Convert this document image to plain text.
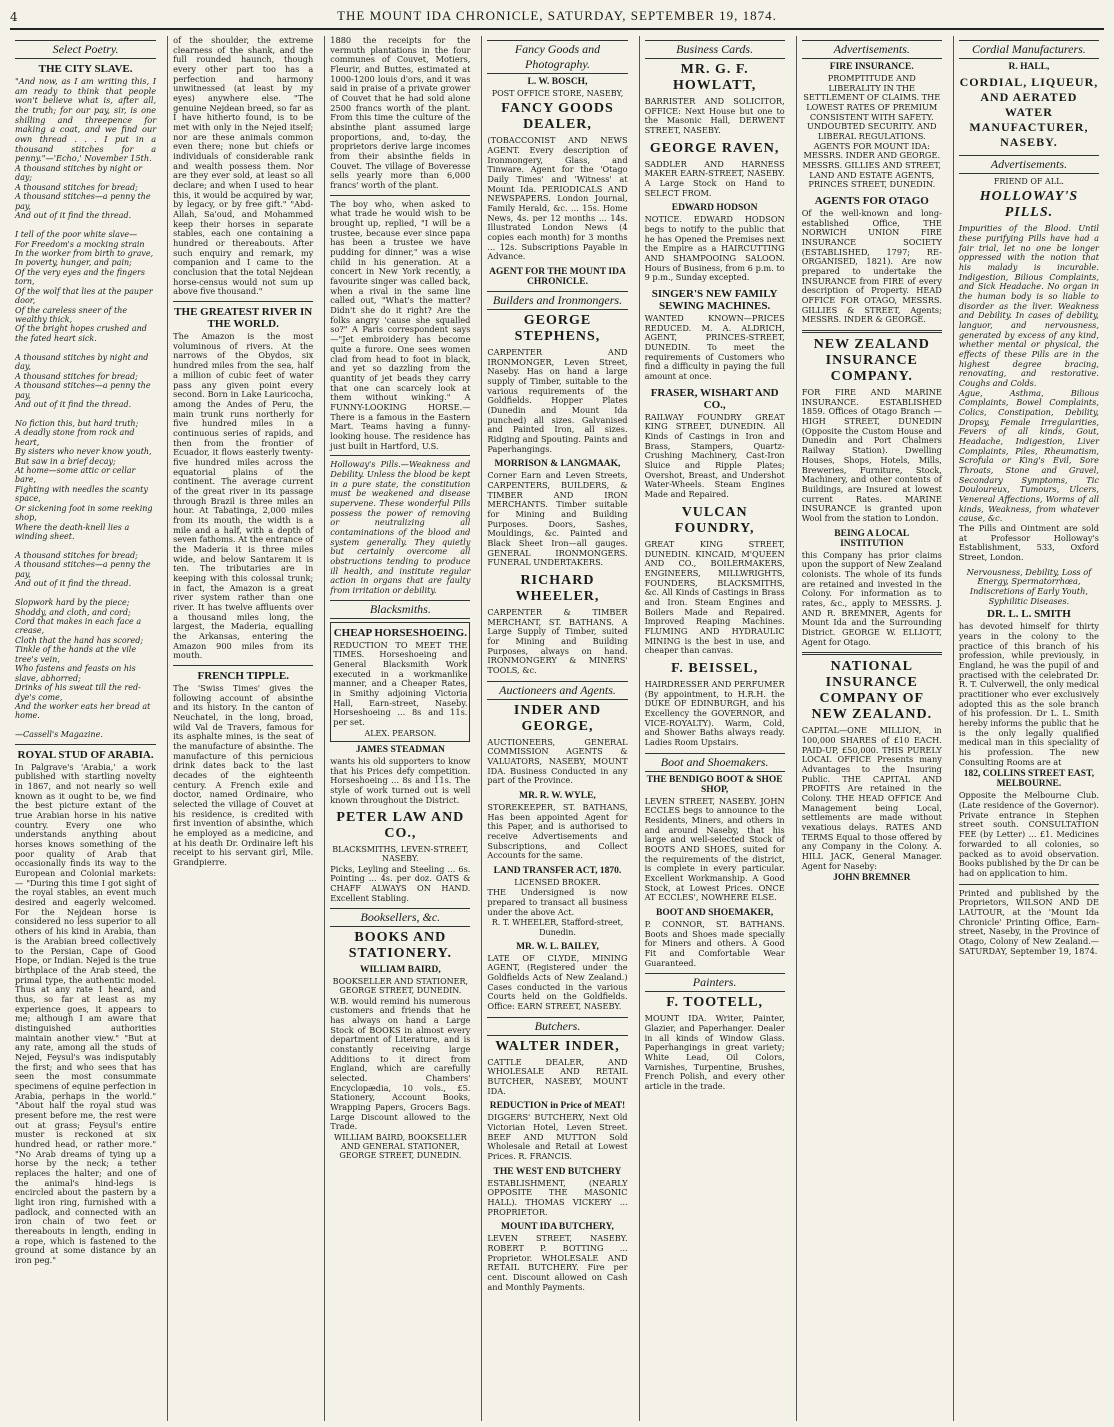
4	THE MOUNT IDA CHRONICLE, SATURDAY, SEPTEMBER 19, 1874.
Select Poetry.
THE CITY SLAVE.

"And now, as I am writing this, I am ready to think that people won't believe what is, after all, the truth; for our pay, sir, is one shilling and threepence for making a coat, and we find our own thread . . . I put in a thousand stitches for a penny."—'Echo,' November 15th.

A thousand stitches by night or day;
A thousand stitches for bread;
A thousand stitches—a penny the pay,
And out of it find the thread.

I tell of the poor white slave—
For Freedom's a mocking strain
In the worker from birth to grave,
In poverty, hunger, and pain;
Of the very eyes and the fingers torn,
Of the wolf that lies at the pauper door,
Of the careless sneer of the wealthy thick,
Of the bright hopes crushed and the fated heart sick.

A thousand stitches by night and day,
A thousand stitches for bread;
A thousand stitches—a penny the pay,
And out of it find the thread.

No fiction this, but hard truth;
A deadly stone from rock and heart,
By sisters who never know youth,
But saw in a brief decay;
At home—some attic or cellar bare,
Fighting with needles the scanty space,
Or sickening foot in some reeking shop,
Where the death-knell lies a winding sheet.

A thousand stitches for bread;
A thousand stitches—a penny the pay,
And out of it find the thread.

Slopwork hard by the piece;
Shoddy, and cloth, and cord;
Cord that makes in each face a crease,
Cloth that the hand has scored;
Tinkle of the hands at the vile tree's vein,
Who fastens and feasts on his slave, abhorred;
Drinks of his sweat till the red-dye's come,
And the worker eats her bread at home.

—Cassell's Magazine.

ROYAL STUD OF ARABIA.

In Palgrave's 'Arabia,' a work published with startling novelty in 1867, and not nearly so well known as it ought to be, we find the best picture extant of the true Arabian horse in his native country. Every one who understands anything about horses knows something of the poor quality of Arab that occasionally finds its way to the European and Colonial markets:— "During this time I got sight of the royal stables, an event much desired and eagerly welcomed. For the Nejdean horse is considered no less superior to all others of his kind in Arabia, than is the Arabian breed collectively to the Persian, Cape of Good Hope, or Indian. Nejed is the true birthplace of the Arab steed, the primal type, the authentic model. Thus at any rate I heard, and thus, so far at least as my experience goes, it appears to me; although I am aware that distinguished authorities maintain another view." "But at any rate, among all the studs of Nejed, Feysul's was indisputably the first; and who sees that has seen the most consummate specimens of equine perfection in Arabia, perhaps in the world." "About half the royal stud was present before me, the rest were out at grass; Feysul's entire muster is reckoned at six hundred head, or rather more." "No Arab dreams of tying up a horse by the neck; a tether replaces the halter; and one of the animal's hind-legs is encircled about the pastern by a light iron ring, furnished with a padlock, and connected with an iron chain of two feet or thereabouts in length, ending in a rope, which is fastened to the ground at some distance by an iron peg."

of the shoulder, the extreme clearness of the shank, and the full rounded haunch, though every other part too has a perfection and harmony unwitnessed (at least by my eyes) anywhere else. "The genuine Nejdean breed, so far as I have hitherto found, is to be met with only in the Nejed itself; nor are these animals common even there; none but chiefs or individuals of considerable rank and wealth possess them. Nor are they ever sold, at least so all declare; and when I used to hear this, it would be acquired by war, by legacy, or by free gift." "Abd-Allah, Sa'oud, and Mohammed keep their horses in separate stables, each one containing a hundred or thereabouts. After such enquiry and remark, my companion and I came to the conclusion that the total Nejdean horse-census would not sum up above five thousand."

THE GREATEST RIVER IN THE WORLD.

The Amazon is the most voluminous of rivers. At the narrows of the Obydos, six hundred miles from the sea, half a million of cubic feet of water pass any given point every second. Born in Lake Lauricocha, among the Andes of Peru, the main trunk runs northerly for five hundred miles in a continuous series of rapids, and then from the frontier of Ecuador, it flows easterly twenty-five hundred miles across the equatorial plains of the continent. The average current of the great river in its passage through Brazil is three miles an hour. At Tabatinga, 2,000 miles from its mouth, the width is a mile and a half, with a depth of seven fathoms. At the entrance of the Maderia it is three miles wide, and below Santarem it is ten. The tributaries are in keeping with this colossal trunk; in fact, the Amazon is a great river system rather than one river. It has twelve affluents over a thousand miles long, the largest, the Maderia, equalling the Arkansas, entering the Amazon 900 miles from its mouth.

FRENCH TIPPLE.

The 'Swiss Times' gives the following account of absinthe and its history. In the canton of Neuchatel, in the long, broad, wild Val de Travers, famous for its asphalte mines, is the seat of the manufacture of absinthe. The manufacture of this pernicious drink dates back to the last decades of the eighteenth century. A French exile and doctor, named Ordinaire, who selected the village of Couvet at his residence, is credited with first invention of absinthe, which he employed as a medicine, and at his death Dr. Ordinaire left his receipt to his servant girl, Mlle. Grandpierre.

1880 the receipts for the vermuth plantations in the four communes of Couvet, Motiers, Fleurir, and Buttes, estimated at 1000-1200 louis d'ors, and it was said in praise of a private grower of Couvet that he had sold alone 2500 francs worth of the plant. From this time the culture of the absinthe plant assumed large proportions, and, to-day, the proprietors derive large incomes from their absinthe fields in Couvet. The village of Boveresse sells yearly more than 6,000 francs' worth of the plant.

The boy who, when asked to what trade he would wish to be brought up, replied, "I will be a trustee, because ever since papa has been a trustee we have pudding for dinner," was a wise child in his generation. At a concert in New York recently, a favourite singer was called back, when a rival in the same line called out, "What's the matter? Didn't she do it right? Are the folks angry 'cause she squalled so?" A Paris correspondent says—"Jet embroidery has become quite a furore. One sees women clad from head to foot in black, and yet so dazzling from the quantity of jet beads they carry that one can scarcely look at them without winking." A FUNNY-LOOKING HORSE.—There is a famous in the Eastern Mart. Teams having a funny-looking house. The residence has just built in Hartford, U.S.

Holloway's Pills.—Weakness and Debility. Unless the blood be kept in a pure state, the constitution must be weakened and disease supervene. These wonderful Pills possess the power of removing or neutralizing all contaminations of the blood and system generally. They quietly but certainly overcome all obstructions tending to produce ill health, and institute regular action in organs that are faulty from irritation or debility.

Blacksmiths.
CHEAP HORSESHOEING.

REDUCTION TO MEET THE TIMES. Horseshoeing and General Blacksmith Work executed in a workmanlike manner, and a Cheaper Rates, in Smithy adjoining Victoria Hall, Earn-street, Naseby. Horseshoeing ... 8s and 11s. per set.

ALEX. PEARSON.
JAMES STEADMAN

wants his old supporters to know that his Prices defy competition. Horseshoeing ... 8s and 11s. The style of work turned out is well known throughout the District.

PETER LAW AND CO.,
BLACKSMITHS, LEVEN-STREET, NASEBY.

Picks, Leyling and Steeling ... 6s. Pointing ... 4s. per doz. OATS & CHAFF ALWAYS ON HAND. Excellent Stabling.

Booksellers, &c.
BOOKS AND STATIONERY.
WILLIAM BAIRD,
BOOKSELLER AND STATIONER, GEORGE STREET, DUNEDIN.

W.B. would remind his numerous customers and friends that he has always on hand a Large Stock of BOOKS in almost every department of Literature, and is constantly receiving large Additions to it direct from England, which are carefully selected. Chambers' Encyclopædia, 10 vols., £5. Stationery, Account Books, Wrapping Papers, Grocers Bags. Large Discount allowed to the Trade.

WILLIAM BAIRD, BOOKSELLER AND GENERAL STATIONER, GEORGE STREET, DUNEDIN.
Fancy Goods and Photography.
L. W. BOSCH,
POST OFFICE STORE, NASEBY,
FANCY GOODS DEALER,

(TOBACCONIST AND NEWS AGENT. Every description of Ironmongery, Glass, and Tinware. Agent for the 'Otago Daily Times' and 'Witness' at Mount Ida. PERIODICALS AND NEWSPAPERS. London Journal, Family Herald, &c. ... 15s. Home News, 4s. per 12 months ... 14s. Illustrated London News (4 copies each month) for 3 months ... 12s. Subscriptions Payable in Advance.

AGENT FOR THE MOUNT IDA CHRONICLE.
Builders and Ironmongers.
GEORGE STEPHENS,

CARPENTER AND IRONMONGER, Leven Street, Naseby. Has on hand a large supply of Timber, suitable to the various requirements of the Goldfields. Hopper Plates (Dunedin and Mount Ida punched) all sizes. Galvanised and Painted Iron, all sizes. Ridging and Spouting. Paints and Paperhangings.

MORRISON & LANGMAAK,

Corner Earn and Leven Streets, CARPENTERS, BUILDERS, & TIMBER AND IRON MERCHANTS. Timber suitable for Mining and Building Purposes. Doors, Sashes, Mouldings, &c. Painted and Black Sheet Iron—all gauges. GENERAL IRONMONGERS. FUNERAL UNDERTAKERS.

RICHARD WHEELER,

CARPENTER & TIMBER MERCHANT, ST. BATHANS. A Large Supply of Timber, suited for Mining and Building Purposes, always on hand. IRONMONGERY & MINERS' TOOLS, &c.

Auctioneers and Agents.
INDER AND GEORGE,

AUCTIONEERS, GENERAL COMMISSION AGENTS & VALUATORS, NASEBY, MOUNT IDA. Business Conducted in any part of the Province.

MR. R. W. WYLE,

STOREKEEPER, ST. BATHANS, Has been appointed Agent for this Paper, and is authorised to receive Advertisements and Subscriptions, and Collect Accounts for the same.

LAND TRANSFER ACT, 1870.
LICENSED BROKER.

THE Undersigned is now prepared to transact all business under the above Act.

R. T. WHEELER, Stafford-street, Dunedin.
MR. W. L. BAILEY,

LATE OF CLYDE, MINING AGENT, (Registered under the Goldfields Acts of New Zealand.) Cases conducted in the various Courts held on the Goldfields. Office: EARN STREET, NASEBY.

Butchers.
WALTER INDER,

CATTLE DEALER, AND WHOLESALE AND RETAIL BUTCHER, NASEBY, MOUNT IDA.

REDUCTION in Price of MEAT!

DIGGERS' BUTCHERY, Next Old Victorian Hotel, Leven Street. BEEF AND MUTTON Sold Wholesale and Retail at Lowest Prices. R. FRANCIS.

THE WEST END BUTCHERY

ESTABLISHMENT, (NEARLY OPPOSITE THE MASONIC HALL). THOMAS VICKERY ... PROPRIETOR.

MOUNT IDA BUTCHERY,

LEVEN STREET, NASEBY. ROBERT P. BOTTING ... Proprietor. WHOLESALE AND RETAIL BUTCHERY. Fire per cent. Discount allowed on Cash and Monthly Payments.

Business Cards.
MR. G. F. HOWLATT,

BARRISTER AND SOLICITOR, OFFICE: Next House but one to the Masonic Hall, DERWENT STREET, NASEBY.

GEORGE RAVEN,

SADDLER AND HARNESS MAKER EARN-STREET, NASEBY. A Large Stock on Hand to SELECT FROM.

EDWARD HODSON

NOTICE. EDWARD HODSON begs to notify to the public that he has Opened the Premises next the Empire as a HAIRCUTTING AND SHAMPOOING SALOON. Hours of Business, from 6 p.m. to 9 p.m., Sunday excepted.

SINGER'S NEW FAMILY SEWING MACHINES.

WANTED KNOWN—PRICES REDUCED. M. A. ALDRICH, AGENT, PRINCES-STREET, DUNEDIN. To meet the requirements of Customers who find a difficulty in paying the full amount at once.

FRASER, WISHART AND CO.,

RAILWAY FOUNDRY GREAT KING STREET, DUNEDIN. All Kinds of Castings in Iron and Brass, Stampers, Quartz-Crushing Machinery, Cast-Iron Sluice and Ripple Plates; Overshot, Breast, and Undershot Water-Wheels. Steam Engines Made and Repaired.

VULCAN FOUNDRY,

GREAT KING STREET, DUNEDIN. KINCAID, M'QUEEN AND CO., BOILERMAKERS, ENGINEERS, MILLWRIGHTS, FOUNDERS, BLACKSMITHS, &c. All Kinds of Castings in Brass and Iron. Steam Engines and Boilers Made and Repaired. Improved Reaping Machines. FLUMING AND HYDRAULIC MINING is the best in use, and cheaper than canvas.

F. BEISSEL,

HAIRDRESSER AND PERFUMER (By appointment, to H.R.H. the DUKE OF EDINBURGH, and his Excellency the GOVERNOR, and VICE-ROYALTY). Warm, Cold, and Shower Baths always ready. Ladies Room Upstairs.

Boot and Shoemakers.
THE BENDIGO BOOT & SHOE SHOP,

LEVEN STREET, NASEBY. JOHN ECCLES begs to announce to the Residents, Miners, and others in and around Naseby, that his large and well-selected Stock of BOOTS AND SHOES, suited for the requirements of the district, is complete in every particular. Excellent Workmanship. A Good Stock, at Lowest Prices. ONCE AT ECCLES', NOWHERE ELSE.

BOOT AND SHOEMAKER,

P. CONNOR, ST. BATHANS. Boots and Shoes made specially for Miners and others. A Good Fit and Comfortable Wear Guaranteed.

Painters.
F. TOOTELL,

MOUNT IDA. Writer, Painter, Glazier, and Paperhanger. Dealer in all kinds of Window Glass. Paperhangings in great variety; White Lead, Oil Colors, Varnishes, Turpentine, Brushes, French Polish, and every other article in the trade.

Advertisements.
FIRE INSURANCE.

PROMPTITUDE AND LIBERALITY IN THE SETTLEMENT OF CLAIMS. THE LOWEST RATES OF PREMIUM CONSISTENT WITH SAFETY. UNDOUBTED SECURITY. AND LIBERAL REGULATIONS.

AGENTS FOR MOUNT IDA: MESSRS. INDER AND GEORGE. MESSRS. GILLIES AND STREET, LAND AND ESTATE AGENTS, PRINCES STREET, DUNEDIN.

AGENTS FOR OTAGO

Of the well-known and long-established Office, THE NORWICH UNION FIRE INSURANCE SOCIETY (ESTABLISHED, 1797; RE-ORGANISED, 1821). Are now prepared to undertake the INSURANCE from FIRE of every description of Property. HEAD OFFICE FOR OTAGO, MESSRS. GILLIES & STREET, Agents; MESSRS. INDER & GEORGE.

NEW ZEALAND INSURANCE COMPANY.

FOR FIRE AND MARINE INSURANCE. ESTABLISHED 1859. Offices of Otago Branch — HIGH STREET, DUNEDIN (Opposite the Custom House and Dunedin and Port Chalmers Railway Station). Dwelling Houses, Shops, Hotels, Mills, Breweries, Furniture, Stock, Machinery, and other contents of Buildings, are Insured at lowest current Rates. MARINE INSURANCE is granted upon Wool from the station to London.

BEING A LOCAL INSTITUTION

this Company has prior claims upon the support of New Zealand colonists. The whole of its funds are retained and invested in the Colony. For information as to rates, &c., apply to MESSRS. J. AND R. BREMNER, Agents for Mount Ida and the Surrounding District. GEORGE W. ELLIOTT, Agent for Otago.

NATIONAL INSURANCE COMPANY OF NEW ZEALAND.

CAPITAL—ONE MILLION, in 100,000 SHARES of £10 EACH. PAID-UP, £50,000. THIS PURELY LOCAL OFFICE Presents many Advantages to the Insuring Public. THE CAPITAL AND PROFITS Are retained in the Colony. THE HEAD OFFICE And Management being Local, settlements are made without vexatious delays. RATES AND TERMS Equal to those offered by any Company in the Colony. A. HILL JACK, General Manager. Agent for Naseby:

JOHN BREMNER
Cordial Manufacturers.
R. HALL,
CORDIAL, LIQUEUR, AND AERATED WATER MANUFACTURER, NASEBY.
Advertisements.
FRIEND OF ALL.
HOLLOWAY'S PILLS.

Impurities of the Blood. Until these purifying Pills have had a fair trial, let no one be longer oppressed with the notion that his malady is incurable. Indigestion, Bilious Complaints, and Sick Headache. No organ in the human body is so liable to disorder as the liver. Weakness and Debility. In cases of debility, languor, and nervousness, generated by excess of any kind, whether mental or physical, the effects of these Pills are in the highest degree bracing, renovating, and restorative. Coughs and Colds.

Ague, Asthma, Bilious Complaints, Bowel Complaints, Colics, Constipation, Debility, Dropsy, Female Irregularities, Fevers of all kinds, Gout, Headache, Indigestion, Liver Complaints, Piles, Rheumatism, Scrofula or King's Evil, Sore Throats, Stone and Gravel, Secondary Symptoms, Tic Douloureux, Tumours, Ulcers, Venereal Affections, Worms of all kinds, Weakness, from whatever cause, &c.

The Pills and Ointment are sold at Professor Holloway's Establishment, 533, Oxford Street, London.

Nervousness, Debility, Loss of Energy, Spermatorrhœa, Indiscretions of Early Youth, Syphilitic Diseases.

DR. L. L. SMITH

has devoted himself for thirty years in the colony to the practice of this branch of his profession, while previously, in England, he was the pupil of and practised with the celebrated Dr. R. T. Culverwell, the only medical practitioner who ever exclusively adopted this as the sole branch of his profession. Dr L. L. Smith hereby informs the public that he is the only legally qualified medical man in this speciality of his profession. The new Consulting Rooms are at

182, COLLINS STREET EAST, MELBOURNE.

Opposite the Melbourne Club. (Late residence of the Governor). Private entrance in Stephen street south. CONSULTATION FEE (by Letter) ... £1. Medicines forwarded to all colonies, so packed as to avoid observation. Books published by the Dr can be had on application to him.

Printed and published by the Proprietors, WILSON AND DE LAUTOUR, at the 'Mount Ida Chronicle' Printing Office, Earn-street, Naseby, in the Province of Otago, Colony of New Zealand.—SATURDAY, September 19, 1874.
